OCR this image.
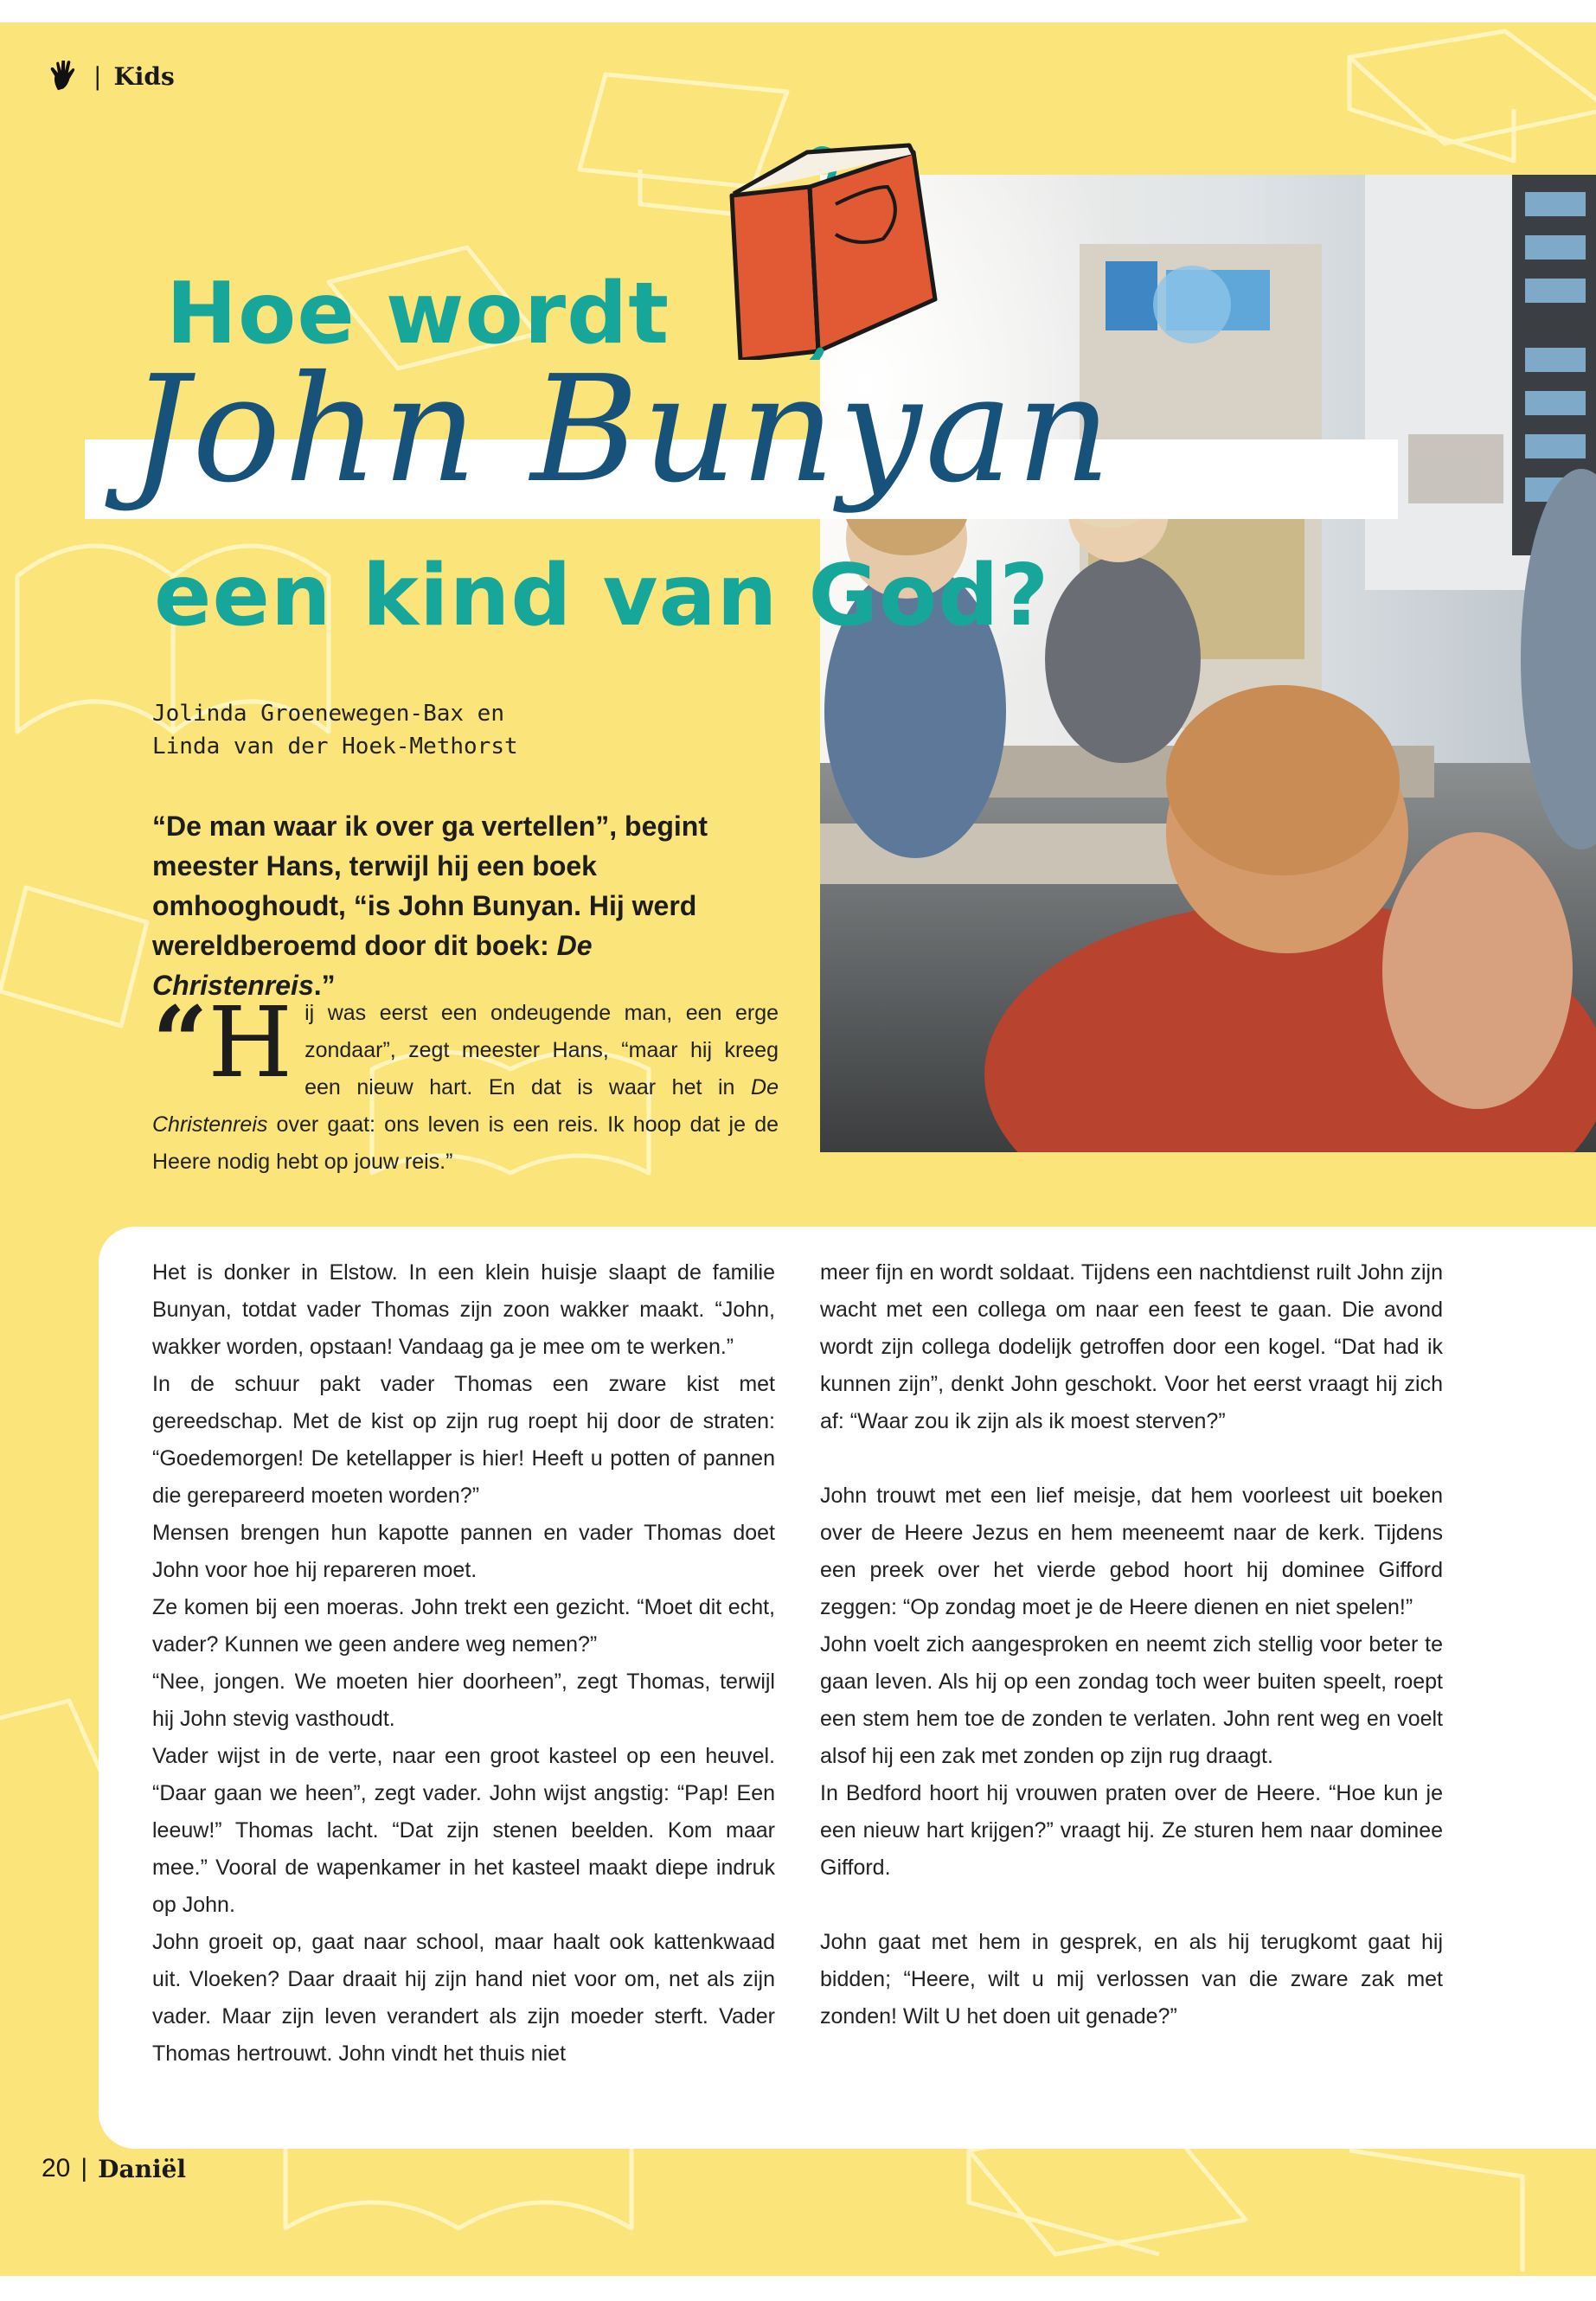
| Kids
Hoe wordt
John Bunyan
een kind van God?
Jolinda Groenewegen-Bax en
Linda van der Hoek-Methorst
“De man waar ik over ga vertellen”, begint meester Hans, terwijl hij een boek omhooghoudt, “is John Bunyan. Hij werd wereldberoemd door dit boek: De Christenreis.”
“H ij was eerst een ondeugende man, een erge zondaar”, zegt meester Hans, “maar hij kreeg een nieuw hart. En dat is waar het in De Christenreis over gaat: ons leven is een reis. Ik hoop dat je de Heere nodig hebt op jouw reis.”

Het is donker in Elstow. In een klein huisje slaapt de familie Bunyan, totdat vader Thomas zijn zoon wakker maakt. “John, wakker worden, opstaan! Vandaag ga je mee om te werken.”

In de schuur pakt vader Thomas een zware kist met gereedschap. Met de kist op zijn rug roept hij door de straten: “Goedemorgen! De ketellapper is hier! Heeft u potten of pannen die gerepareerd moeten worden?”

Mensen brengen hun kapotte pannen en vader Thomas doet John voor hoe hij repareren moet.

Ze komen bij een moeras. John trekt een gezicht. “Moet dit echt, vader? Kunnen we geen andere weg nemen?”

“Nee, jongen. We moeten hier doorheen”, zegt Thomas, terwijl hij John stevig vasthoudt.

Vader wijst in de verte, naar een groot kasteel op een heuvel. “Daar gaan we heen”, zegt vader. John wijst angstig: “Pap! Een leeuw!” Thomas lacht. “Dat zijn stenen beelden. Kom maar mee.” Vooral de wapenkamer in het kasteel maakt diepe indruk op John.

John groeit op, gaat naar school, maar haalt ook kattenkwaad uit. Vloeken? Daar draait hij zijn hand niet voor om, net als zijn vader. Maar zijn leven verandert als zijn moeder sterft. Vader Thomas hertrouwt. John vindt het thuis niet

meer fijn en wordt soldaat. Tijdens een nachtdienst ruilt John zijn wacht met een collega om naar een feest te gaan. Die avond wordt zijn collega dodelijk getroffen door een kogel. “Dat had ik kunnen zijn”, denkt John geschokt. Voor het eerst vraagt hij zich af: “Waar zou ik zijn als ik moest sterven?”

John trouwt met een lief meisje, dat hem voorleest uit boeken over de Heere Jezus en hem meeneemt naar de kerk. Tijdens een preek over het vierde gebod hoort hij dominee Gifford zeggen: “Op zondag moet je de Heere dienen en niet spelen!”

John voelt zich aangesproken en neemt zich stellig voor beter te gaan leven. Als hij op een zondag toch weer buiten speelt, roept een stem hem toe de zonden te verlaten. John rent weg en voelt alsof hij een zak met zonden op zijn rug draagt.

In Bedford hoort hij vrouwen praten over de Heere. “Hoe kun je een nieuw hart krijgen?” vraagt hij. Ze sturen hem naar dominee Gifford.

John gaat met hem in gesprek, en als hij terugkomt gaat hij bidden; “Heere, wilt u mij verlossen van die zware zak met zonden! Wilt U het doen uit genade?”

20 | Daniël
